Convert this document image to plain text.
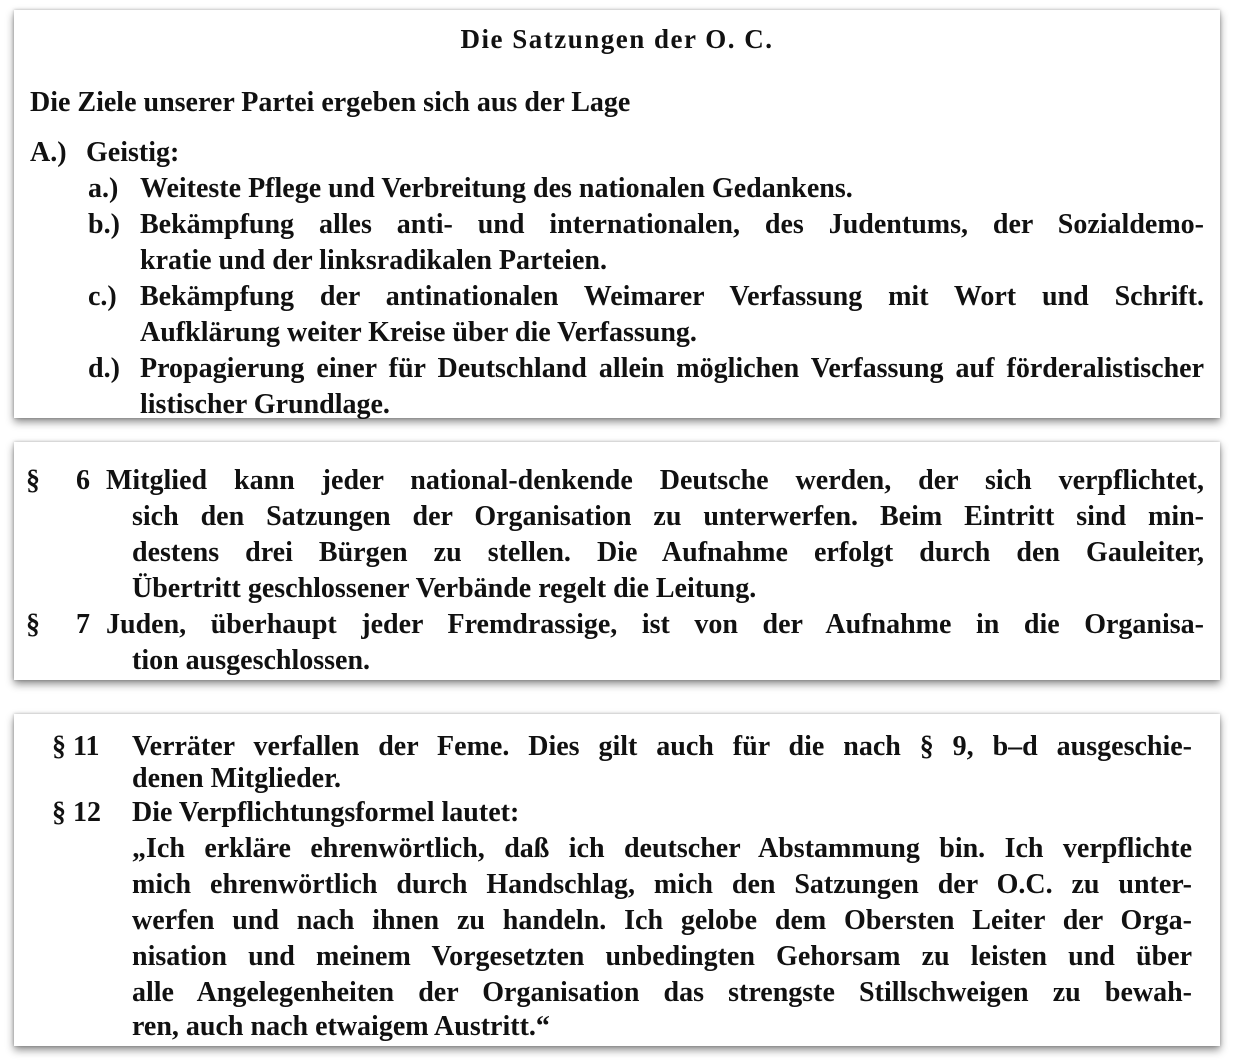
Die Satzungen der O. C.
Die Ziele unserer Partei ergeben sich aus der Lage
A.) Geistig:
a.) Weiteste Pflege und Verbreitung des nationalen Gedankens.
b.) Bekämpfung alles anti- und internationalen, des Judentums, der Sozialdemo-
kratie und der linksradikalen Parteien.
c.) Bekämpfung der antinationalen Weimarer Verfassung mit Wort und Schrift.
Aufklärung weiter Kreise über die Verfassung.
d.) Propagierung einer für Deutschland allein möglichen Verfassung auf förderalistischer
listischer Grundlage.
§ 6 Mitglied kann jeder national-denkende Deutsche werden, der sich verpflichtet,
sich den Satzungen der Organisation zu unterwerfen. Beim Eintritt sind min-
destens drei Bürgen zu stellen. Die Aufnahme erfolgt durch den Gauleiter,
Übertritt geschlossener Verbände regelt die Leitung.
§ 7 Juden, überhaupt jeder Fremdrassige, ist von der Aufnahme in die Organisa-
tion ausgeschlossen.
§ 11 Verräter verfallen der Feme. Dies gilt auch für die nach § 9, b–d ausgeschie-
denen Mitglieder.
§ 12 Die Verpflichtungsformel lautet:
„Ich erkläre ehrenwörtlich, daß ich deutscher Abstammung bin. Ich verpflichte
mich ehrenwörtlich durch Handschlag, mich den Satzungen der O.C. zu unter-
werfen und nach ihnen zu handeln. Ich gelobe dem Obersten Leiter der Orga-
nisation und meinem Vorgesetzten unbedingten Gehorsam zu leisten und über
alle Angelegenheiten der Organisation das strengste Stillschweigen zu bewah-
ren, auch nach etwaigem Austritt.“
